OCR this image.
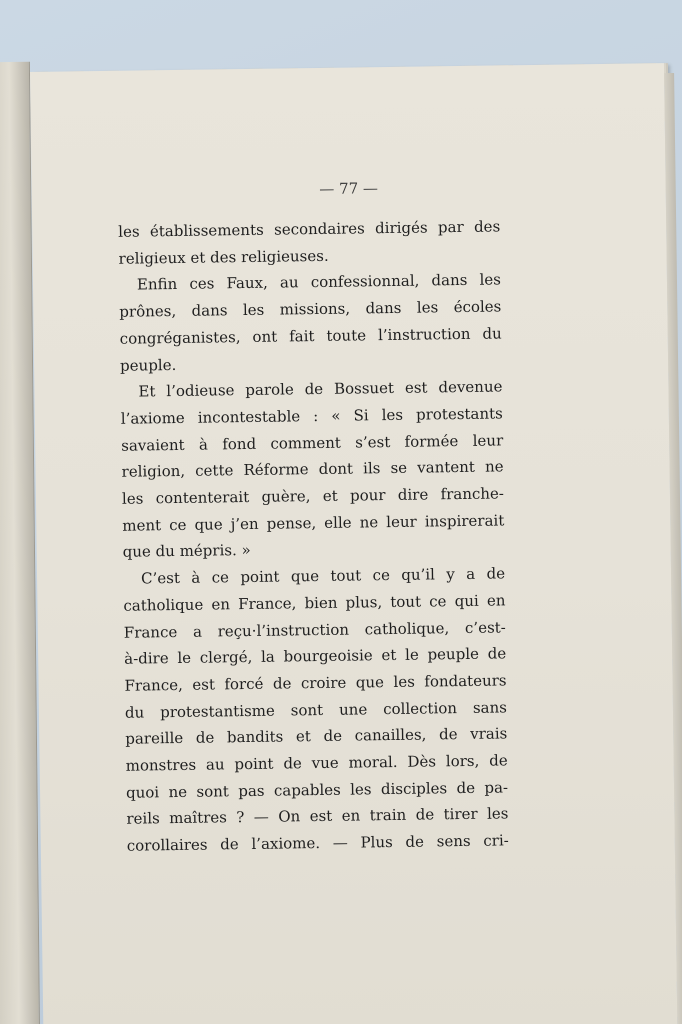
— 77 —

les établissements secondaires dirigés par des
religieux et des religieuses.

Enfin ces Faux, au confessionnal, dans les
prônes, dans les missions, dans les écoles
congréganistes, ont fait toute l’instruction du
peuple.

Et l’odieuse parole de Bossuet est devenue
l’axiome incontestable : « Si les protestants
savaient à fond comment s’est formée leur
religion, cette Réforme dont ils se vantent ne
les contenterait guère, et pour dire franche-
ment ce que j’en pense, elle ne leur inspirerait
que du mépris. »

C’est à ce point que tout ce qu’il y a de
catholique en France, bien plus, tout ce qui en
France a reçu·l’instruction catholique, c’est-
à-dire le clergé, la bourgeoisie et le peuple de
France, est forcé de croire que les fondateurs
du protestantisme sont une collection sans
pareille de bandits et de canailles, de vrais
monstres au point de vue moral. Dès lors, de
quoi ne sont pas capables les disciples de pa-
reils maîtres ? — On est en train de tirer les
corollaires de l’axiome. — Plus de sens cri-
